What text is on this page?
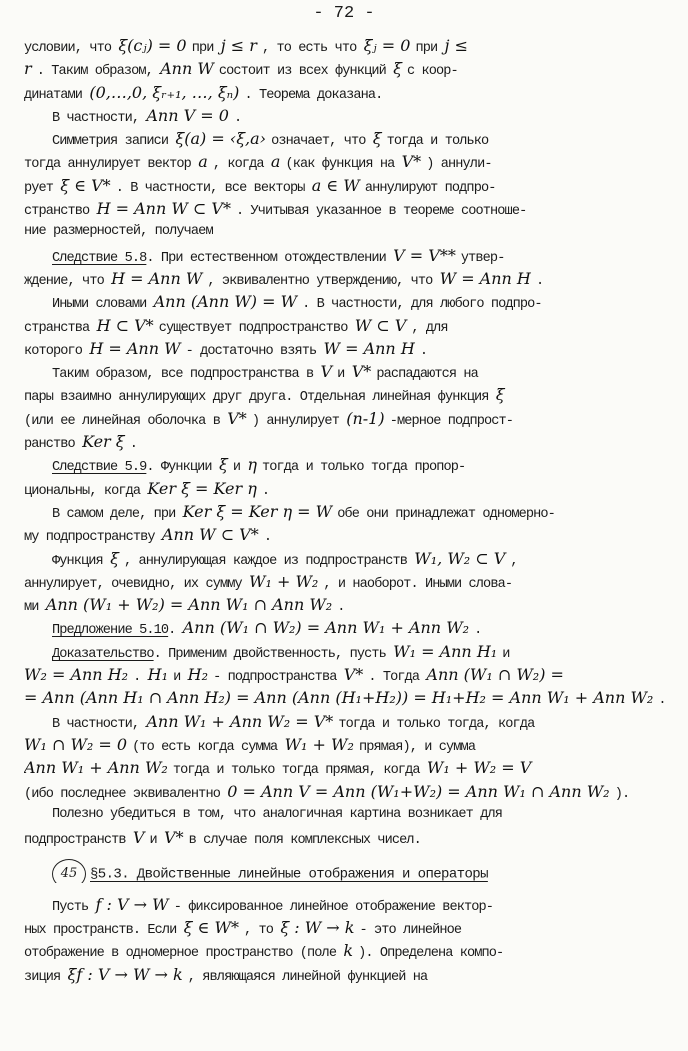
- 72 -
условии, что ξ(cⱼ) = 0 при j ≤ r , то есть что ξⱼ = 0 при j ≤
r . Таким образом, Ann W состоит из всех функций ξ с коор-
динатами (0,…,0, ξᵣ₊₁, …, ξₙ) . Теорема доказана.
В частности, Ann V = 0 .
Симметрия записи ξ(a) = ‹ξ,a› означает, что ξ тогда и только
тогда аннулирует вектор a , когда a (как функция на V* ) аннули-
рует ξ ∈ V* . В частности, все векторы a ∈ W аннулируют подпро-
странство H = Ann W ⊂ V* . Учитывая указанное в теореме соотноше-
ние размерностей, получаем
Следствие 5.8. При естественном отождествлении V = V** утвер-
ждение, что H = Ann W , эквивалентно утверждению, что W = Ann H .
Иными словами Ann (Ann W) = W . В частности, для любого подпро-
странства H ⊂ V* существует подпространство W ⊂ V , для
которого H = Ann W - достаточно взять W = Ann H .
Таким образом, все подпространства в V и V* распадаются на
пары взаимно аннулирующих друг друга. Отдельная линейная функция ξ
(или ее линейная оболочка в V* ) аннулирует (n-1) -мерное подпрост-
ранство Ker ξ .
Следствие 5.9. Функции ξ и η тогда и только тогда пропор-
циональны, когда Ker ξ = Ker η .
В самом деле, при Ker ξ = Ker η = W обе они принадлежат одномерно-
му подпространству Ann W ⊂ V* .
Функция ξ , аннулирующая каждое из подпространств W₁, W₂ ⊂ V ,
аннулирует, очевидно, их сумму W₁ + W₂ , и наоборот. Иными слова-
ми Ann (W₁ + W₂) = Ann W₁ ∩ Ann W₂ .
Предложение 5.10. Ann (W₁ ∩ W₂) = Ann W₁ + Ann W₂ .
Доказательство. Применим двойственность, пусть W₁ = Ann H₁ и
W₂ = Ann H₂ . H₁ и H₂ - подпространства V* . Тогда Ann (W₁ ∩ W₂) =
= Ann (Ann H₁ ∩ Ann H₂) = Ann (Ann (H₁+H₂)) = H₁+H₂ = Ann W₁ + Ann W₂ .
В частности, Ann W₁ + Ann W₂ = V* тогда и только тогда, когда
W₁ ∩ W₂ = 0 (то есть когда сумма W₁ + W₂ прямая), и сумма
Ann W₁ + Ann W₂ тогда и только тогда прямая, когда W₁ + W₂ = V
(ибо последнее эквивалентно 0 = Ann V = Ann (W₁+W₂) = Ann W₁ ∩ Ann W₂ ).
Полезно убедиться в том, что аналогичная картина возникает для
подпространств V и V* в случае поля комплексных чисел.
45 §5.3. Двойственные линейные отображения и операторы
Пусть f : V → W - фиксированное линейное отображение вектор-
ных пространств. Если ξ ∈ W* , то ξ : W → k - это линейное
отображение в одномерное пространство (поле k ). Определена компо-
зиция ξf : V → W → k , являющаяся линейной функцией на
